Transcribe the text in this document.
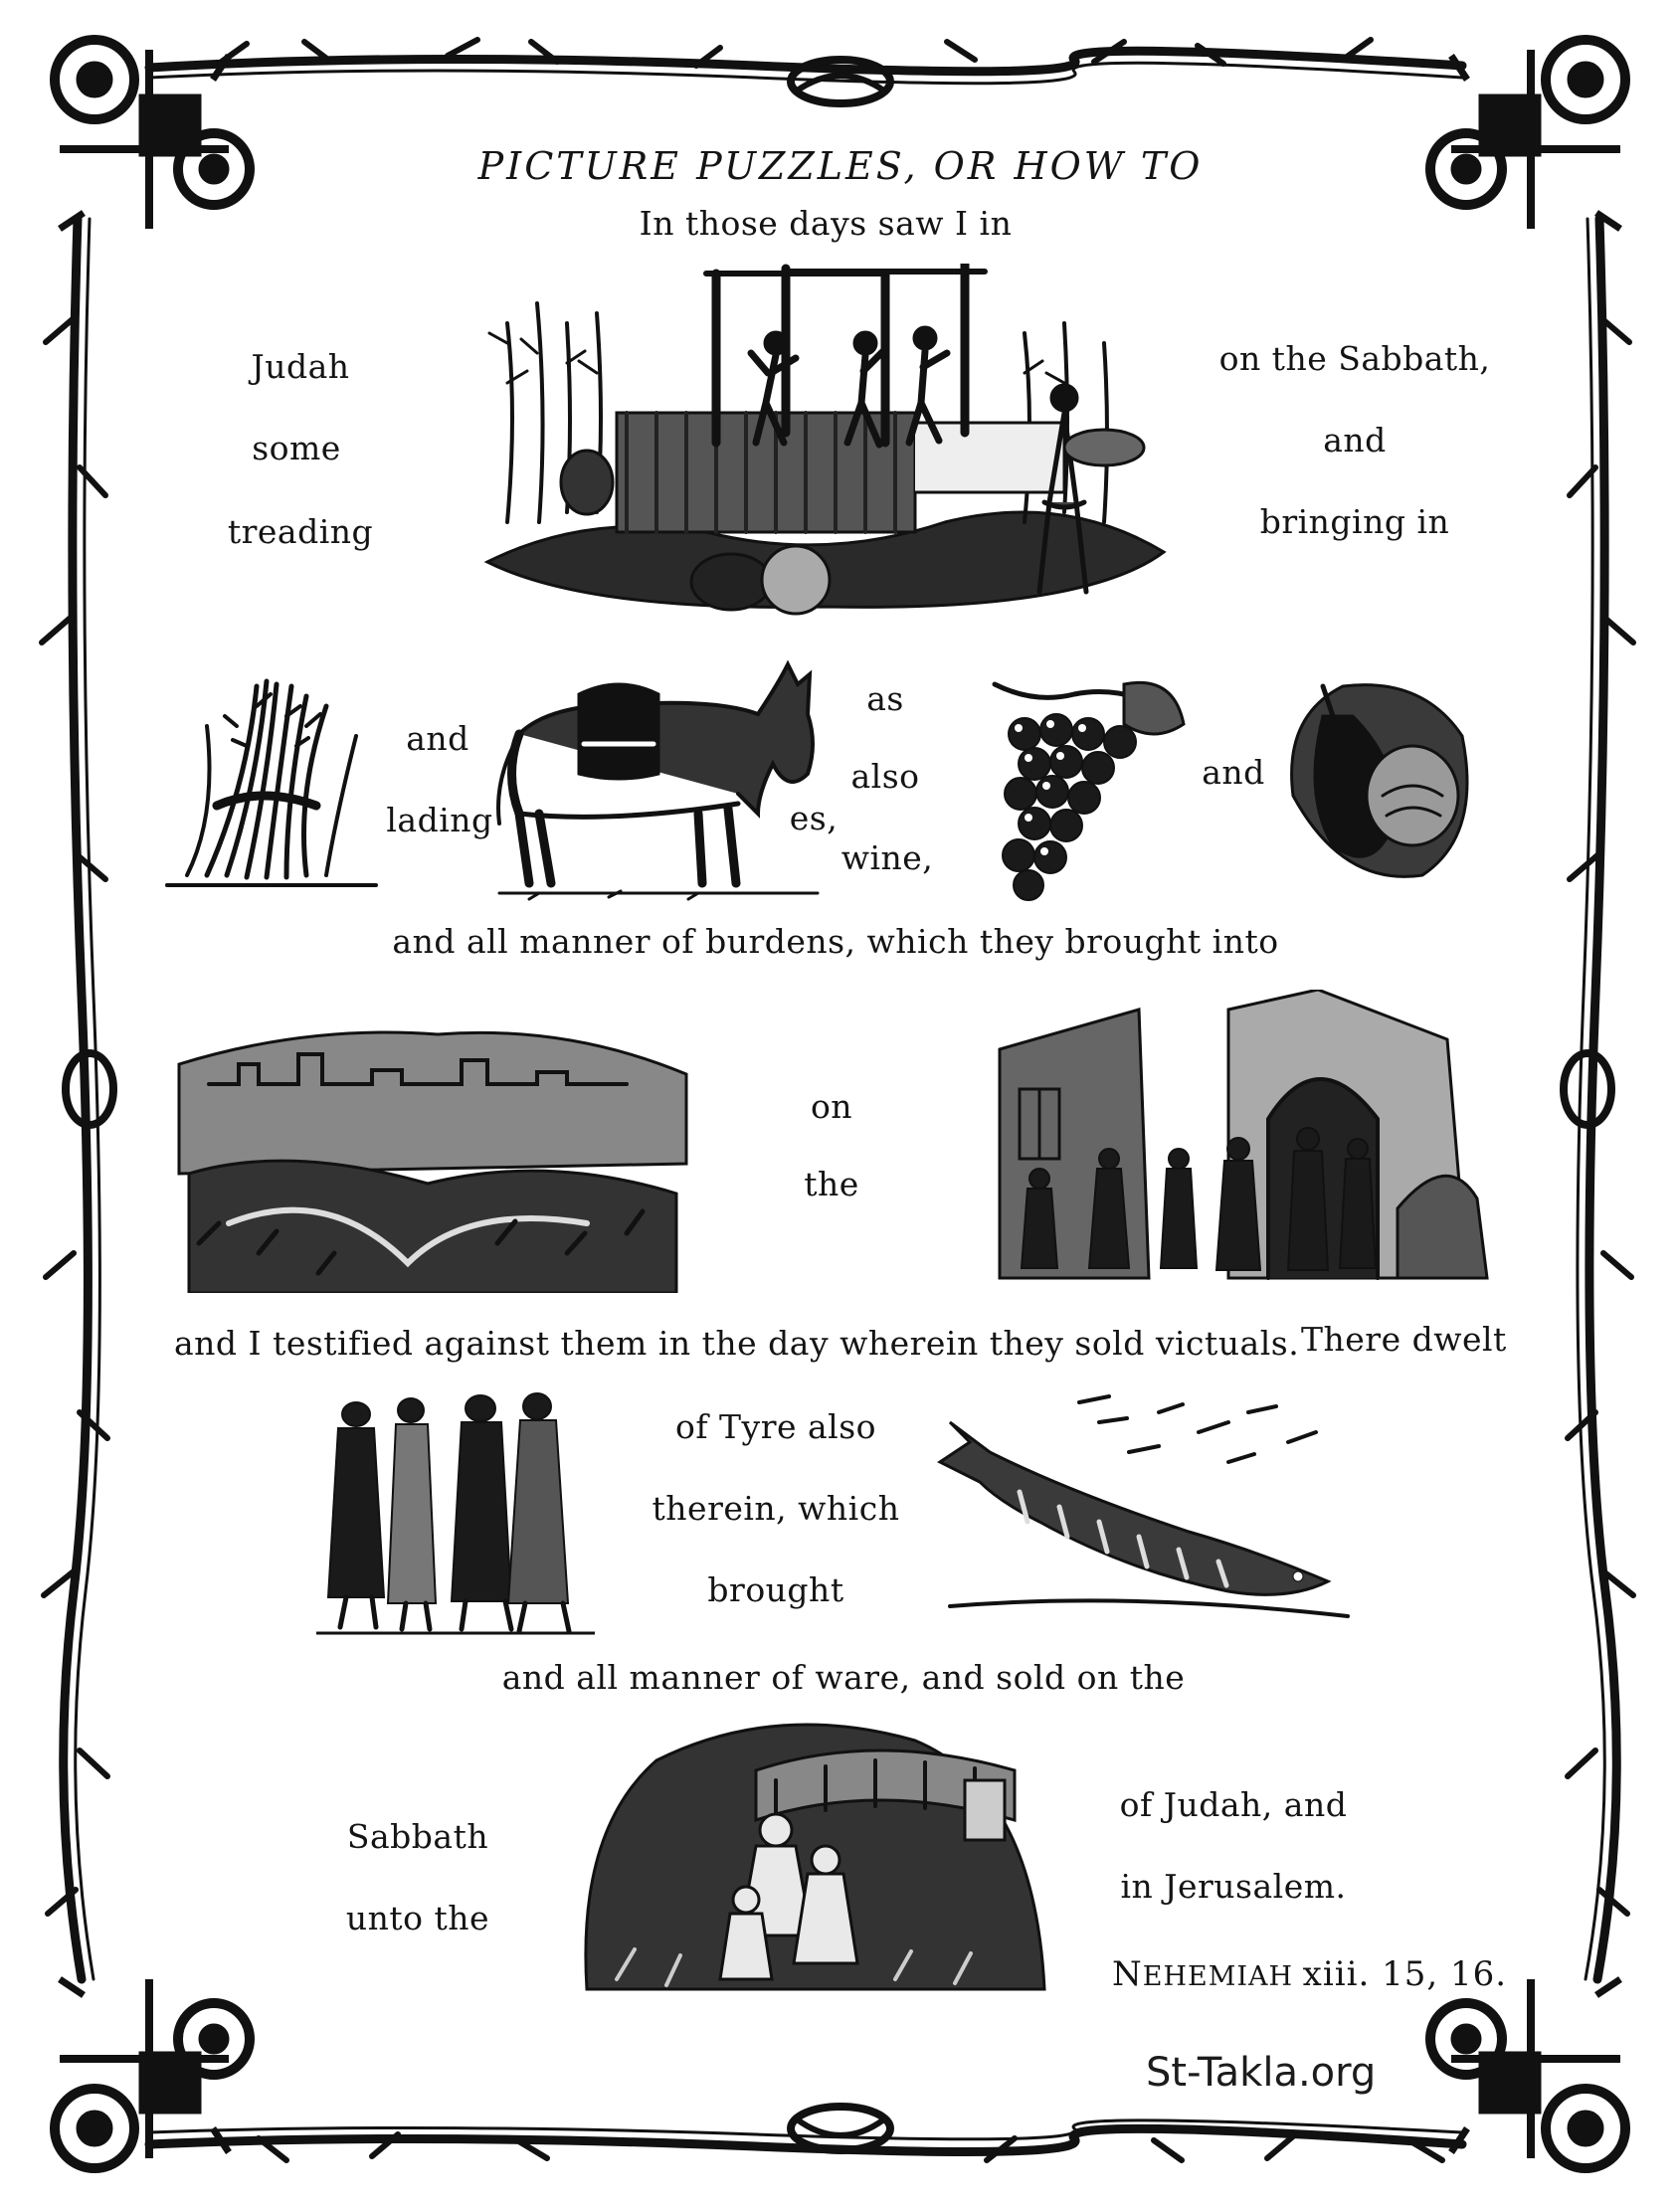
PICTURE PUZZLES, OR HOW TO
In those days saw I in
Judah
some
treading
on the Sabbath,
and
bringing in
and
lading
as
also
es,
wine,
and
and all manner of burdens, which they brought into
on
the
and I testified against them in the day wherein they sold victuals. There dwelt
of Tyre also
therein, which
brought
and all manner of ware, and sold on the
Sabbath
unto the
of Judah, and
in Jerusalem.
NEHEMIAH xiii. 15, 16.
St-Takla.org
